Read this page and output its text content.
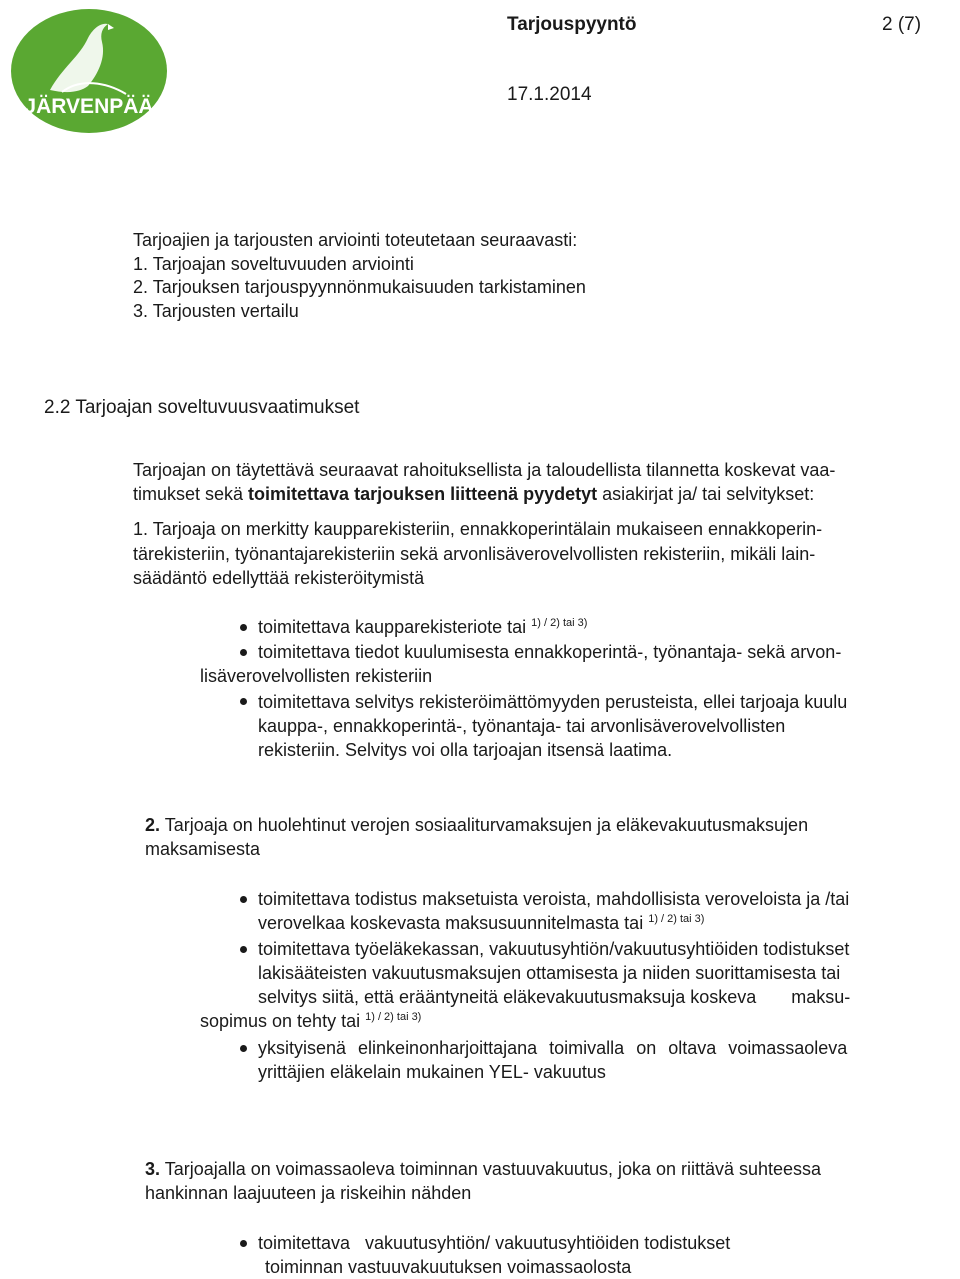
JÄRVENPÄÄ
Tarjouspyyntö	2 (7)
17.1.2014
Tarjoajien ja tarjousten arviointi toteutetaan seuraavasti:
1. Tarjoajan soveltuvuuden arviointi
2. Tarjouksen tarjouspyynnönmukaisuuden tarkistaminen
3. Tarjousten vertailu
2.2 Tarjoajan soveltuvuusvaatimukset
Tarjoajan on täytettävä seuraavat rahoituksellista ja taloudellista tilannetta koskevat vaa-
timukset sekä toimitettava tarjouksen liitteenä pyydetyt asiakirjat ja/ tai selvitykset:
1. Tarjoaja on merkitty kaupparekisteriin, ennakkoperintälain mukaiseen ennakkoperin-
tärekisteriin, työnantajarekisteriin sekä arvonlisäverovelvollisten rekisteriin, mikäli lain-
säädäntö edellyttää rekisteröitymistä
toimitettava kaupparekisteriote tai $^{1) / 2) tai 3)}$
toimitettava tiedot kuulumisesta ennakkoperintä-, työnantaja- sekä arvon-
lisäverovelvollisten rekisteriin
toimitettava selvitys rekisteröimättömyyden perusteista, ellei tarjoaja kuulu
kauppa-, ennakkoperintä-, työnantaja- tai arvonlisäverovelvollisten
rekisteriin. Selvitys voi olla tarjoajan itsensä laatima.
2. Tarjoaja on huolehtinut verojen sosiaaliturvamaksujen ja eläkevakuutusmaksujen
maksamisesta
toimitettava todistus maksetuista veroista, mahdollisista veroveloista ja /tai
verovelkaa koskevasta maksusuunnitelmasta tai $^{1) / 2) tai 3)}$
toimitettava työeläkekassan, vakuutusyhtiön/vakuutusyhtiöiden todistukset
lakisääteisten vakuutusmaksujen ottamisesta ja niiden suorittamisesta tai
selvitys siitä, että erääntyneitä eläkevakuutusmaksuja koskeva       maksu-
sopimus on tehty tai $^{1) / 2) tai 3)}$
yksityisenä elinkeinonharjoittajana toimivalla on oltava voimassaoleva
yrittäjien eläkelain mukainen YEL- vakuutus
3. Tarjoajalla on voimassaoleva toiminnan vastuuvakuutus, joka on riittävä suhteessa
hankinnan laajuuteen ja riskeihin nähden
toimitettava   vakuutusyhtiön/ vakuutusyhtiöiden todistukset
toiminnan vastuuvakuutuksen voimassaolosta
